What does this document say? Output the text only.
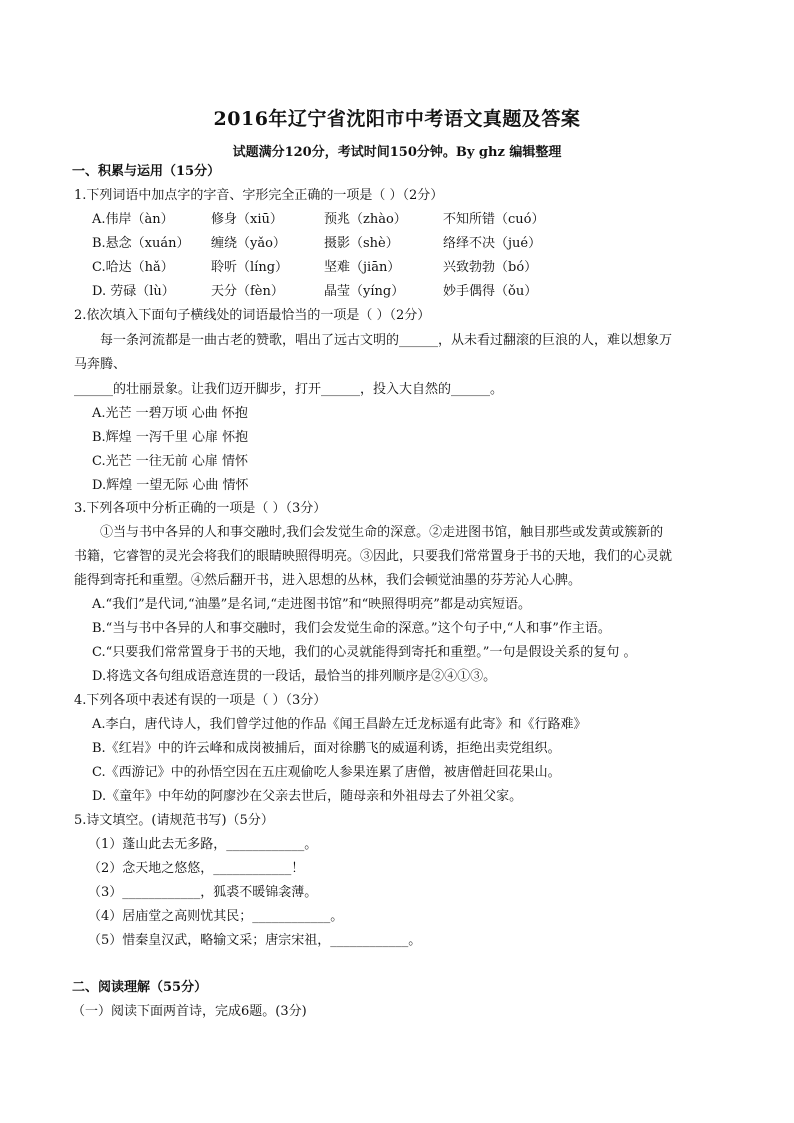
2016年辽宁省沈阳市中考语文真题及答案

试题满分120分，考试时间150分钟。By ghz 编辑整理

一、积累与运用（15分）

1.下列词语中加点字的字音、字形完全正确的一项是（ ）（2分）

A.伟岸（àn）	修身（xiū）	预兆（zhào）	不知所错（cuó）
B.悬念（xuán） 缠绕（yǎo）	摄影（shè）	络绎不决（jué）
C.哈达（hǎ）	聆听（líng）	坚难（jiān）	兴致勃勃（bó）
D. 劳碌（lù）	天分（fèn）	晶莹（yíng）	妙手偶得（ǒu）

2.依次填入下面句子横线处的词语最恰当的一项是（ ）（2分）

每一条河流都是一曲古老的赞歌，唱出了远古文明的______，从未看过翻滚的巨浪的人，难以想象万

马奔腾、

______的壮丽景象。让我们迈开脚步，打开______，投入大自然的______。

A.光芒 一碧万顷 心曲 怀抱

B.辉煌 一泻千里 心扉 怀抱

C.光芒 一往无前 心扉 情怀

D.辉煌 一望无际 心曲 情怀

3.下列各项中分析正确的一项是（ ）（3分）

①当与书中各异的人和事交融时,我们会发觉生命的深意。②走进图书馆，触目那些或发黄或簇新的

书籍，它睿智的灵光会将我们的眼睛映照得明亮。③因此，只要我们常常置身于书的天地，我们的心灵就

能得到寄托和重塑。④然后翻开书，进入思想的丛林，我们会顿觉油墨的芬芳沁人心脾。

A.“我们”是代词,“油墨”是名词,“走进图书馆”和“映照得明亮”都是动宾短语。

B.“当与书中各异的人和事交融时，我们会发觉生命的深意。”这个句子中,“人和事”作主语。

C.“只要我们常常置身于书的天地，我们的心灵就能得到寄托和重塑。”一句是假设关系的复句 。

D.将选文各句组成语意连贯的一段话，最恰当的排列顺序是②④①③。

4.下列各项中表述有误的一项是（ ）（3分）

A.李白，唐代诗人，我们曾学过他的作品《闻王昌龄左迁龙标遥有此寄》和《行路难》

B.《红岩》中的许云峰和成岗被捕后，面对徐鹏飞的威逼利诱，拒绝出卖党组织。

C.《西游记》中的孙悟空因在五庄观偷吃人参果连累了唐僧，被唐僧赶回花果山。

D.《童年》中年幼的阿廖沙在父亲去世后，随母亲和外祖母去了外祖父家。

5.诗文填空。(请规范书写)（5分）

（1）蓬山此去无多路，____________。

（2）念天地之悠悠，____________！

（3）____________，狐裘不暖锦衾薄。

（4）居庙堂之高则忧其民；____________。

（5）惜秦皇汉武，略输文采；唐宗宋祖，____________。

二、阅读理解（55分）

（一）阅读下面两首诗，完成6题。(3分)
